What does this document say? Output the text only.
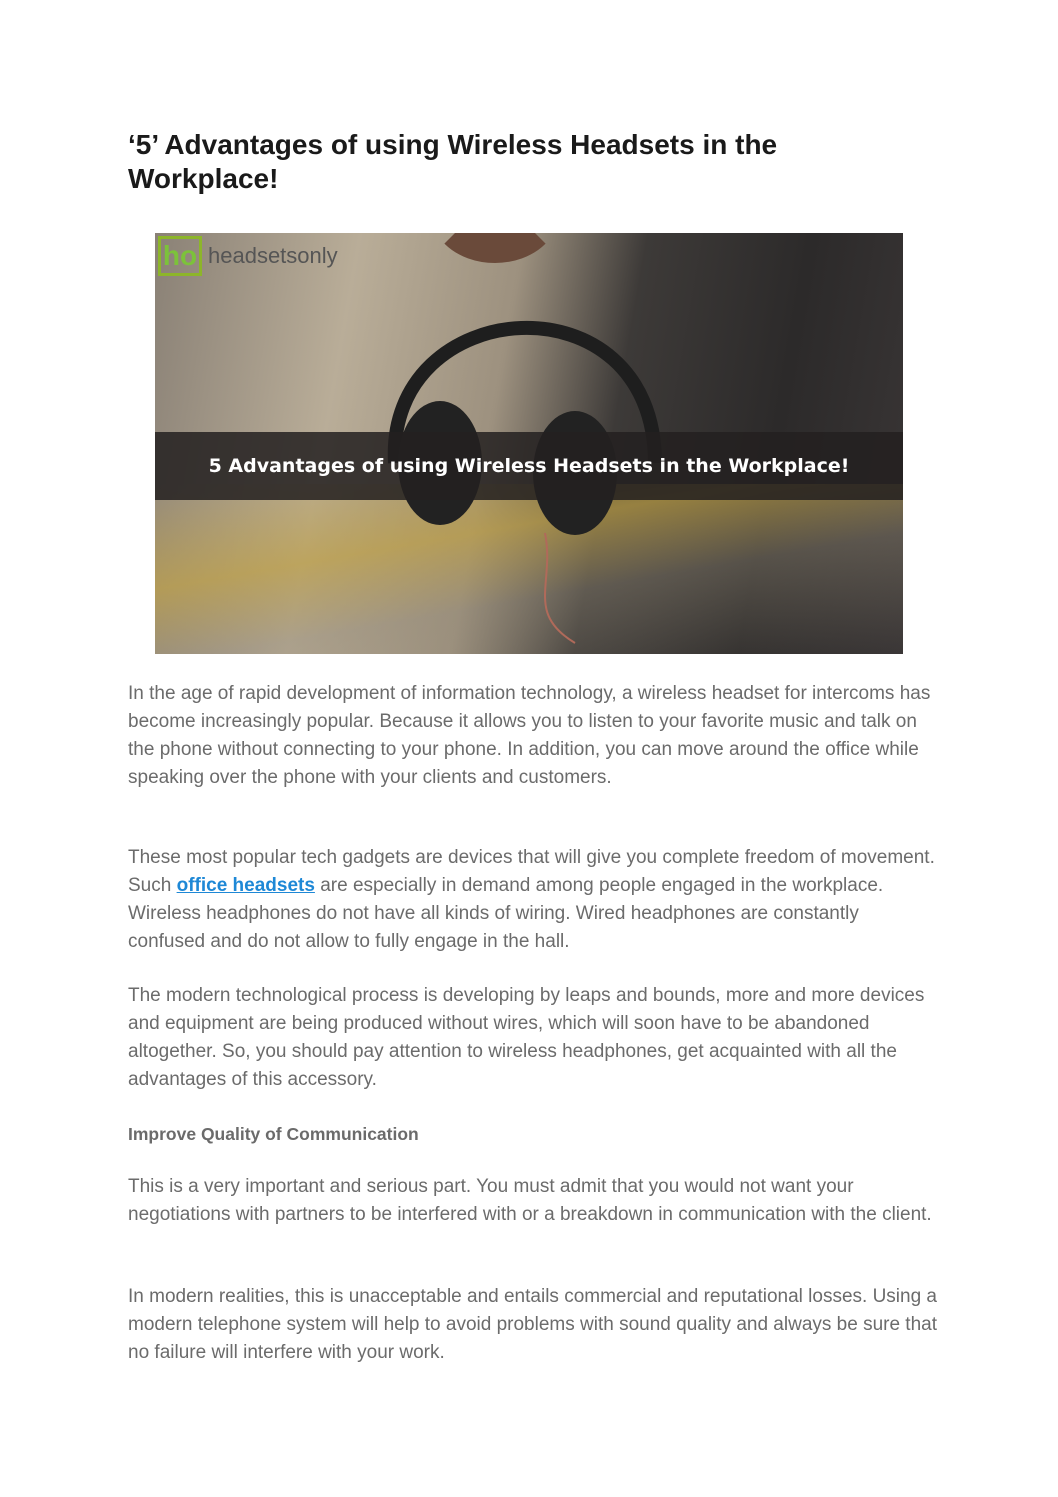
‘5’ Advantages of using Wireless Headsets in the Workplace!
ho headsetsonly
5 Advantages of using Wireless Headsets in the Workplace!

In the age of rapid development of information technology, a wireless headset for intercoms has become increasingly popular. Because it allows you to listen to your favorite music and talk on the phone without connecting to your phone. In addition, you can move around the office while speaking over the phone with your clients and customers.

These most popular tech gadgets are devices that will give you complete freedom of movement. Such office headsets are especially in demand among people engaged in the workplace. Wireless headphones do not have all kinds of wiring. Wired headphones are constantly confused and do not allow to fully engage in the hall.

The modern technological process is developing by leaps and bounds, more and more devices and equipment are being produced without wires, which will soon have to be abandoned altogether. So, you should pay attention to wireless headphones, get acquainted with all the advantages of this accessory.

Improve Quality of Communication

This is a very important and serious part. You must admit that you would not want your negotiations with partners to be interfered with or a breakdown in communication with the client.

In modern realities, this is unacceptable and entails commercial and reputational losses. Using a modern telephone system will help to avoid problems with sound quality and always be sure that no failure will interfere with your work.
